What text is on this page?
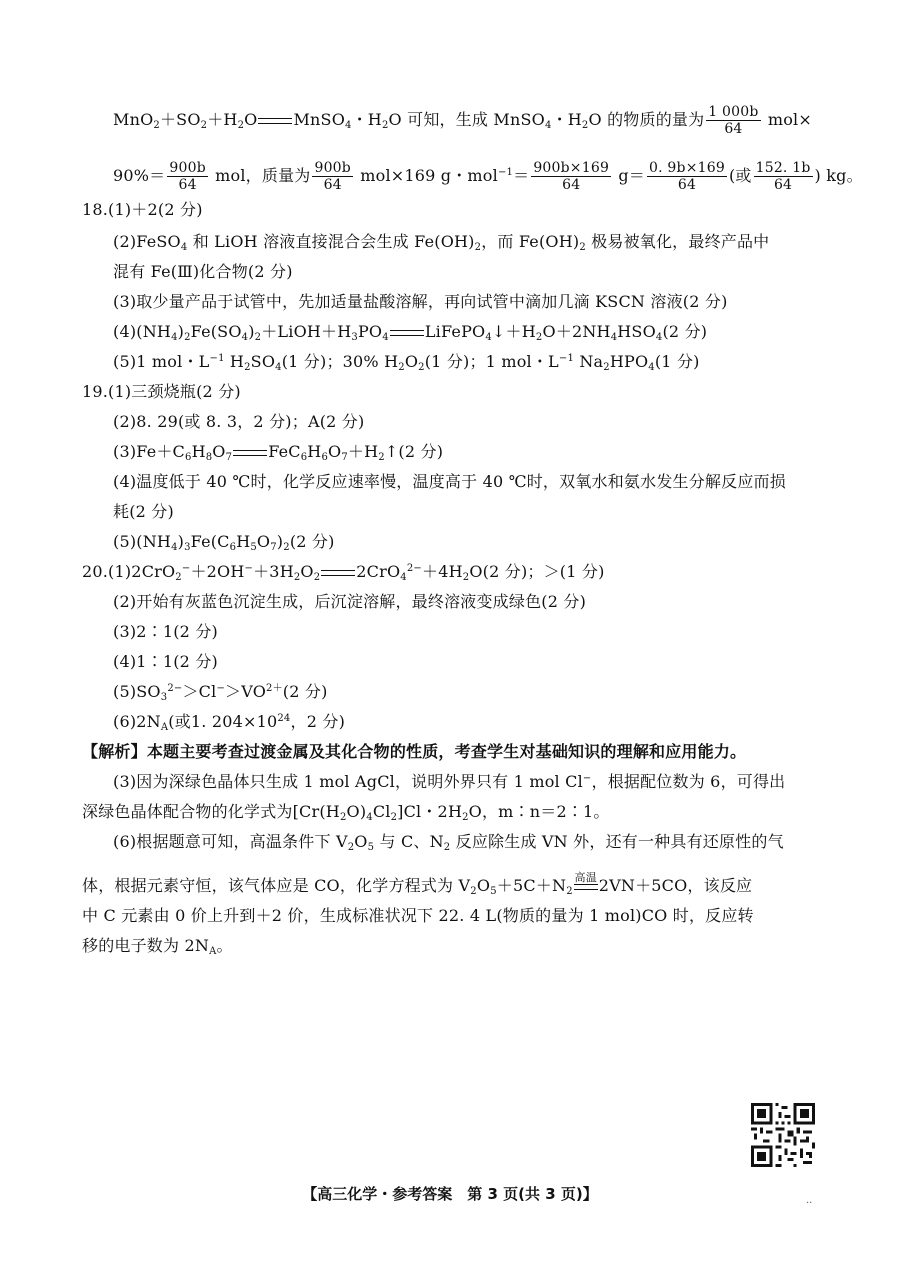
$MnO_2+SO_2+H_2O$ MnSO$_4$・$H_2O$ 可知，生成 MnSO$_4$・$H_2O$ 的物质的量为 $\frac{1 000b}{64} mol\times$
$90\%= \frac{900b}{64}$ mol，质量为 $\frac{900b}{64} mol\times 169$ g・$mol^{-1}= \frac{900b\times 169}{64} g= \frac{0. 9b\times 169}{64}$ (或 $\frac{152. 1b}{64}$ ) kg。
18.(1)＋2(2 分)
(2)FeSO$_4$ 和 LiOH 溶液直接混合会生成 $Fe(OH)_2$，而 $Fe(OH)_2$ 极易被氧化，最终产品中
混有 Fe(Ⅲ)化合物(2 分)
(3)取少量产品于试管中，先加适量盐酸溶解，再向试管中滴加几滴 KSCN 溶液(2 分)
$(4)(NH_4)_2Fe(SO_4)_2+LiOH+H_3PO_4$ $LiFePO_4↓+H_2O+2NH_4HSO_4(2$ 分)
(5)1 mol・$L^{-1}$ $H_2SO_4(1$ 分)；30% $H_2O_2(1$ 分)；1 mol・$L^{-1}$ $Na_2HPO_4(1$ 分)
19.(1)三颈烧瓶(2 分)
(2)8. 29(或 8. 3，2 分)；A(2 分)
$(3)Fe+C_6H_8O_7$ $FeC_6H_6O_7+H_2↑(2$ 分)
(4)温度低于 40 ℃时，化学反应速率慢，温度高于 40 ℃时，双氧水和氨水发生分解反应而损
耗(2 分)
$(5)(NH_4)_3Fe(C_6H_5O_7)_2(2$ 分)
$20.(1)2CrO_2^-+2OH^-+3H_2O_2$ $2CrO_4^{2-}+4H_2O(2$ 分)；＞(1 分)
(2)开始有灰蓝色沉淀生成，后沉淀溶解，最终溶液变成绿色(2 分)
(3)2∶1(2 分)
(4)1∶1(2 分)
$(5)SO_3^{2-}>Cl^->VO^{2+}(2$ 分)
$(6)2N_A$(或1. $204\times 10^{24}$，2 分)
【解析】本题主要考查过渡金属及其化合物的性质，考查学生对基础知识的理解和应用能力。
(3)因为深绿色晶体只生成 1 mol AgCl，说明外界只有 1 mol Cl−，根据配位数为 6，可得出
深绿色晶体配合物的化学式为$[Cr(H_2O)_4Cl_2]Cl$・$2H_2O$，m∶n＝2∶1。
(6)根据题意可知，高温条件下 $V_2O_5$ 与 C、$N_2$ 反应除生成 VN 外，还有一种具有还原性的气
体，根据元素守恒，该气体应是 CO，化学方程式为 $V_2O_5+5C+N_2$
高温 2VN＋5CO，该反应
中 C 元素由 0 价上升到＋2 价，生成标准状况下 22. 4 L(物质的量为 1 mol)CO 时，反应转
移的电子数为 $2N_A$。
【高三化学・参考答案　第 3 页(共 3 页)】	..
